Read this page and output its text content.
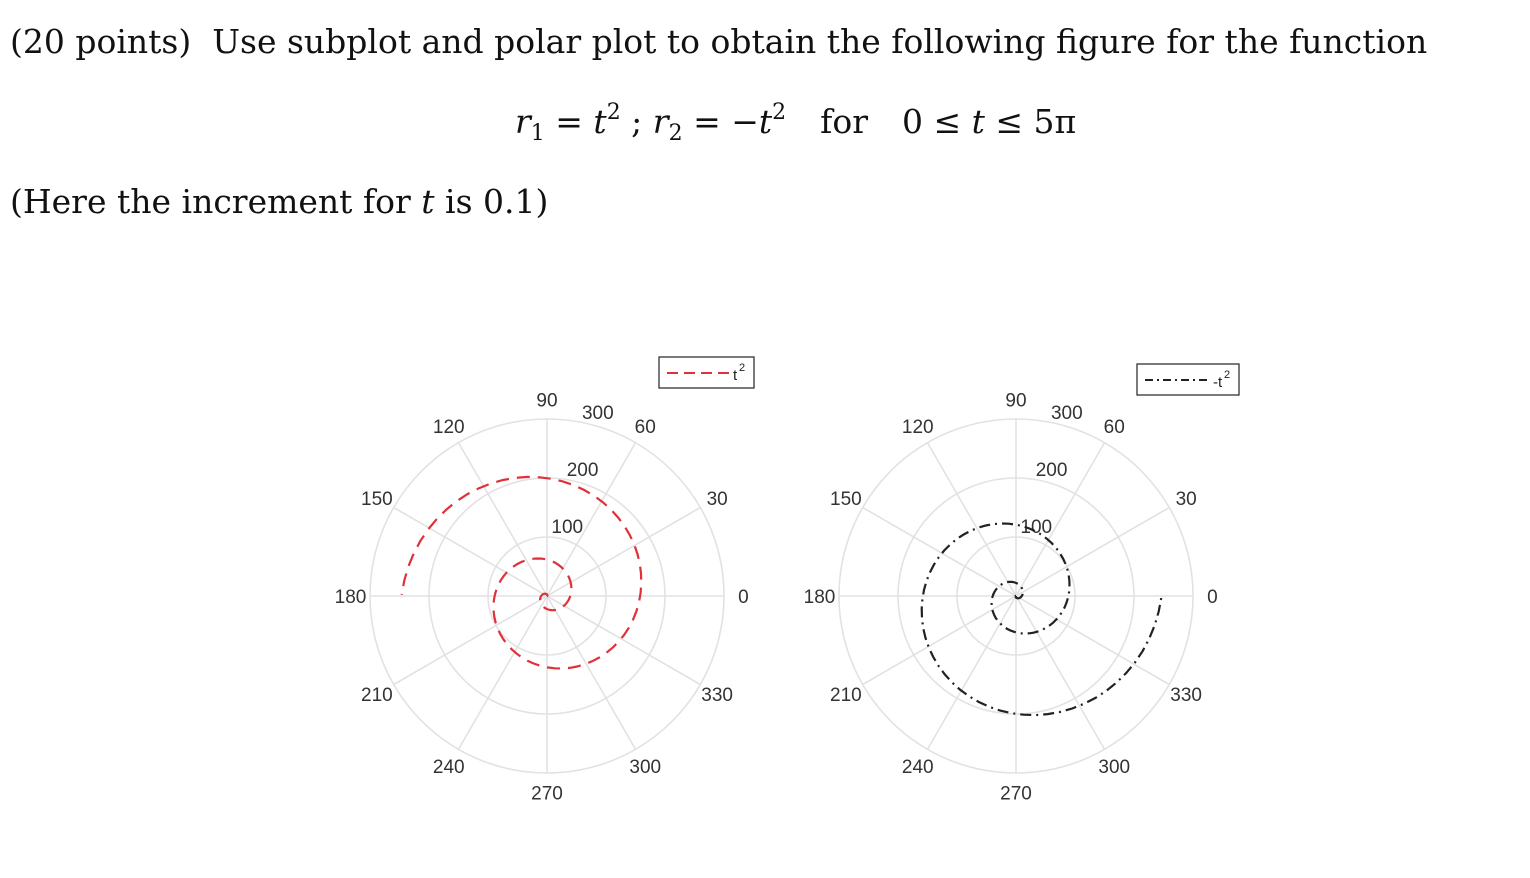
(20 points) Use subplot and polar plot to obtain the following figure for the function
$r_1 = t^2$ ; $r_2 = -t^2$ for 0 ≤ t ≤ 5π
(Here the increment for t is 0.1)
100
200
300
0
30
60
90
120
150
180
210
240
270
300
330
t 2
100
200
300
0
30
60
90
120
150
180
210
240
270
300
330
-t 2
